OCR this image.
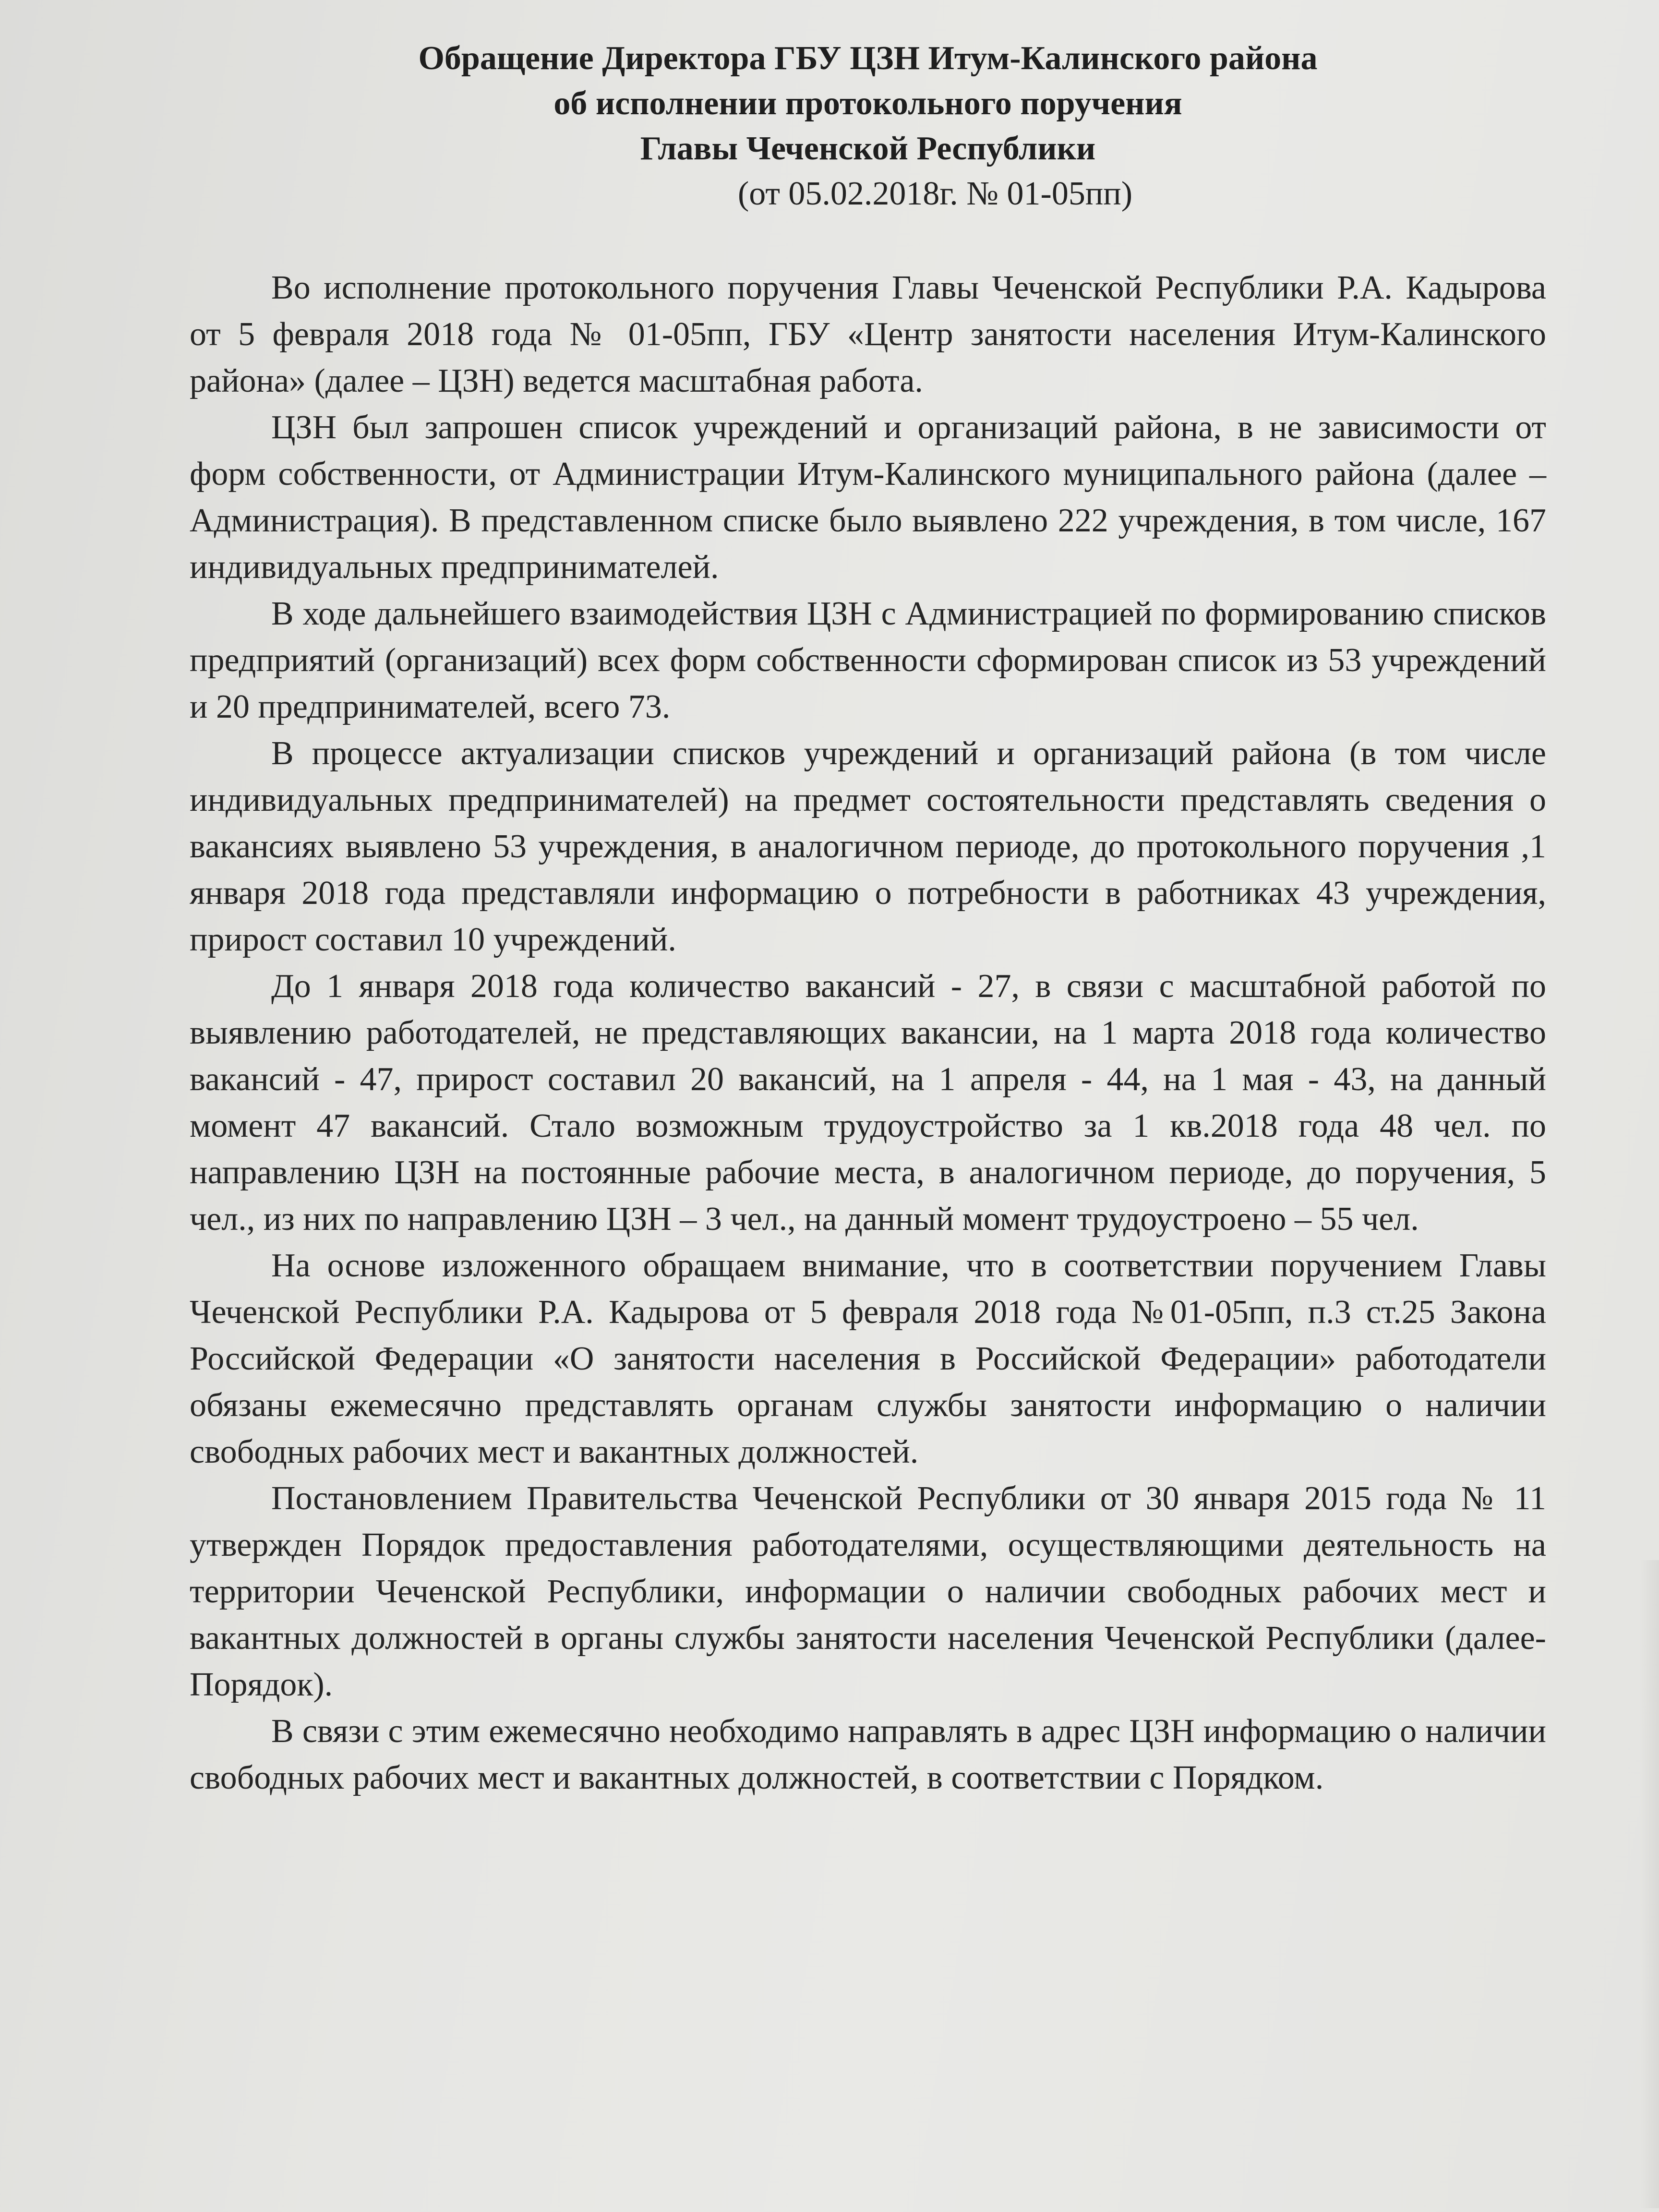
Обращение Директора ГБУ ЦЗН Итум-Калинского района
об исполнении протокольного поручения
Главы Чеченской Республики
(от 05.02.2018г. № 01-05пп)

Во исполнение протокольного поручения Главы Чеченской Республики Р.А. Кадырова от 5 февраля 2018 года № 01-05пп, ГБУ «Центр занятости населения Итум-Калинского района» (далее – ЦЗН) ведется масштабная работа.

ЦЗН был запрошен список учреждений и организаций района, в не зависимости от форм собственности, от Администрации Итум-Калинского муниципального района (далее – Администрация). В представленном списке было выявлено 222 учреждения, в том числе, 167 индивидуальных предпринимателей.

В ходе дальнейшего взаимодействия ЦЗН с Администрацией по формированию списков предприятий (организаций) всех форм собственности сформирован список из 53 учреждений и 20 предпринимателей, всего 73.

В процессе актуализации списков учреждений и организаций района (в том числе индивидуальных предпринимателей) на предмет состоятельности представлять сведения о вакансиях выявлено 53 учреждения, в аналогичном периоде, до протокольного поручения ,1 января 2018 года представляли информацию о потребности в работниках 43 учреждения, прирост составил 10 учреждений.

До 1 января 2018 года количество вакансий - 27, в связи с масштабной работой по выявлению работодателей, не представляющих вакансии, на 1 марта 2018 года количество вакансий - 47, прирост составил 20 вакансий, на 1 апреля - 44, на 1 мая - 43, на данный момент 47 вакансий. Стало возможным трудоустройство за 1 кв.2018 года 48 чел. по направлению ЦЗН на постоянные рабочие места, в аналогичном периоде, до поручения, 5 чел., из них по направлению ЦЗН – 3 чел., на данный момент трудоустроено – 55 чел.

На основе изложенного обращаем внимание, что в соответствии поручением Главы Чеченской Республики Р.А. Кадырова от 5 февраля 2018 года №01-05пп, п.3 ст.25 Закона Российской Федерации «О занятости населения в Российской Федерации» работодатели обязаны ежемесячно представлять органам службы занятости информацию о наличии свободных рабочих мест и вакантных должностей.

Постановлением Правительства Чеченской Республики от 30 января 2015 года № 11 утвержден Порядок предоставления работодателями, осуществляющими деятельность на территории Чеченской Республики, информации о наличии свободных рабочих мест и вакантных должностей в органы службы занятости населения Чеченской Республики (далее-Порядок).

В связи с этим ежемесячно необходимо направлять в адрес ЦЗН информацию о наличии свободных рабочих мест и вакантных должностей, в соответствии с Порядком.
